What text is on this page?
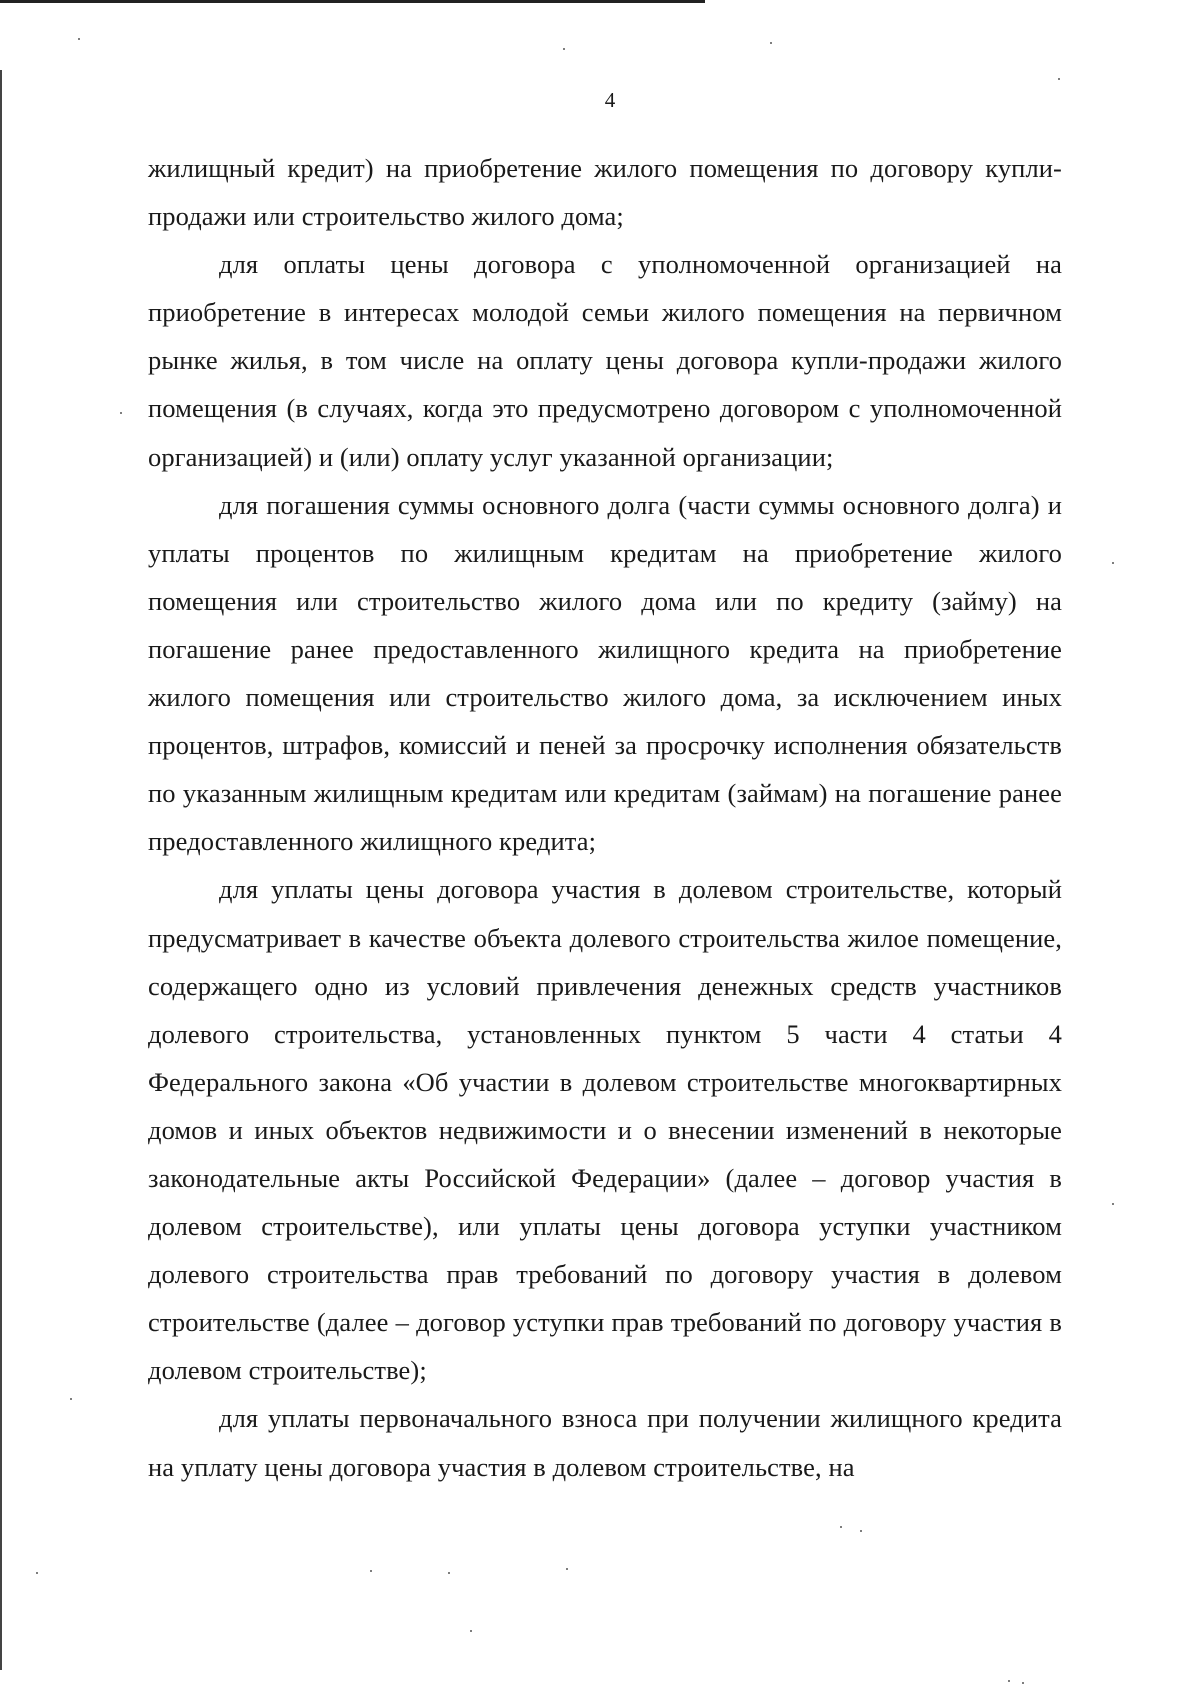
4

жилищный кредит) на приобретение жилого помещения по договору купли-продажи или строительство жилого дома;

для оплаты цены договора с уполномоченной организацией на приобретение в интересах молодой семьи жилого помещения на первичном рынке жилья, в том числе на оплату цены договора купли-продажи жилого помещения (в случаях, когда это предусмотрено договором с уполномоченной организацией) и (или) оплату услуг указанной организации;

для погашения суммы основного долга (части суммы основного долга) и уплаты процентов по жилищным кредитам на приобретение жилого помещения или строительство жилого дома или по кредиту (займу) на погашение ранее предоставленного жилищного кредита на приобретение жилого помещения или строительство жилого дома, за исключением иных процентов, штрафов, комиссий и пеней за просрочку исполнения обязательств по указанным жилищным кредитам или кредитам (займам) на погашение ранее предоставленного жилищного кредита;

для уплаты цены договора участия в долевом строительстве, который предусматривает в качестве объекта долевого строительства жилое помещение, содержащего одно из условий привлечения денежных средств участников долевого строительства, установленных пунктом 5 части 4 статьи 4 Федерального закона «Об участии в долевом строительстве многоквартирных домов и иных объектов недвижимости и о внесении изменений в некоторые законодательные акты Российской Федерации» (далее – договор участия в долевом строительстве), или уплаты цены договора уступки участником долевого строительства прав требований по договору участия в долевом строительстве (далее – договор уступки прав требований по договору участия в долевом строительстве);

для уплаты первоначального взноса при получении жилищного кредита на уплату цены договора участия в долевом строительстве, на
